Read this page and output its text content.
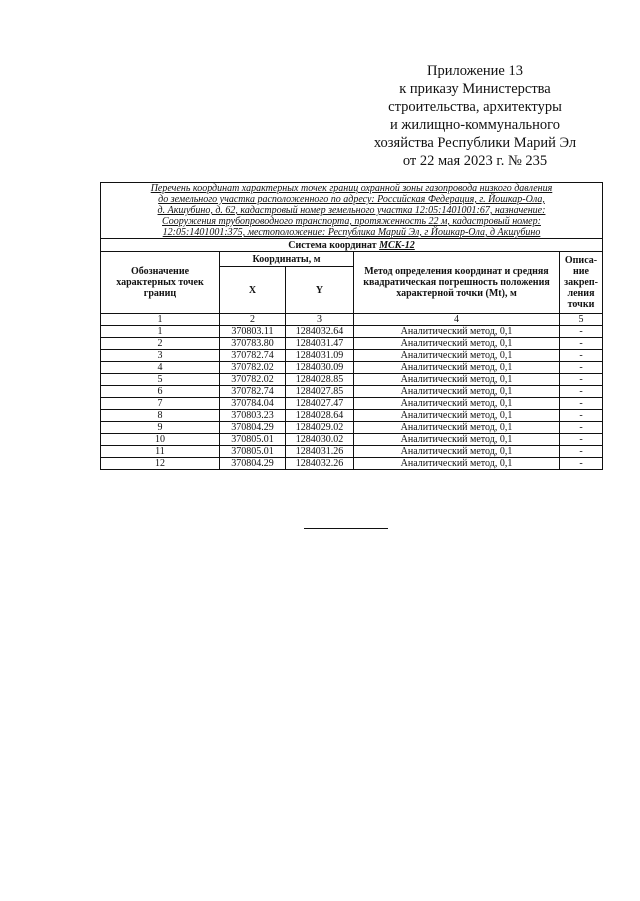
Приложение 13
к приказу Министерства
строительства, архитектуры
и жилищно-коммунального
хозяйства Республики Марий Эл
от 22 мая 2023 г. № 235
Перечень координат характерных точек границ охранной зоны газопровода низкого давления
до земельного участка расположенного по адресу: Российская Федерация, г. Йошкар-Ола,
д. Акшубино, д. 62, кадастровый номер земельного участка 12:05:1401001:67, назначение:
Сооружения трубопроводного транспорта, протяженность 22 м, кадастровый номер:
12:05:1401001:375, местоположение: Республика Марий Эл, г Йошкар-Ола, д Акшубино				

Система координат МСК-12				
Обозначение характерных точек границ	Координаты, м		Метод определения координат и средняя квадратическая погрешность положения характерной точки (Mt), м	Описа-
ние
закреп-
ления
точки

	X	Y		
1	2	3	4	5
1	370803.11	1284032.64	Аналитический метод, 0,1	-
2	370783.80	1284031.47	Аналитический метод, 0,1	-
3	370782.74	1284031.09	Аналитический метод, 0,1	-
4	370782.02	1284030.09	Аналитический метод, 0,1	-
5	370782.02	1284028.85	Аналитический метод, 0,1	-
6	370782.74	1284027.85	Аналитический метод, 0,1	-
7	370784.04	1284027.47	Аналитический метод, 0,1	-
8	370803.23	1284028.64	Аналитический метод, 0,1	-
9	370804.29	1284029.02	Аналитический метод, 0,1	-
10	370805.01	1284030.02	Аналитический метод, 0,1	-
11	370805.01	1284031.26	Аналитический метод, 0,1	-
12	370804.29	1284032.26	Аналитический метод, 0,1	-
